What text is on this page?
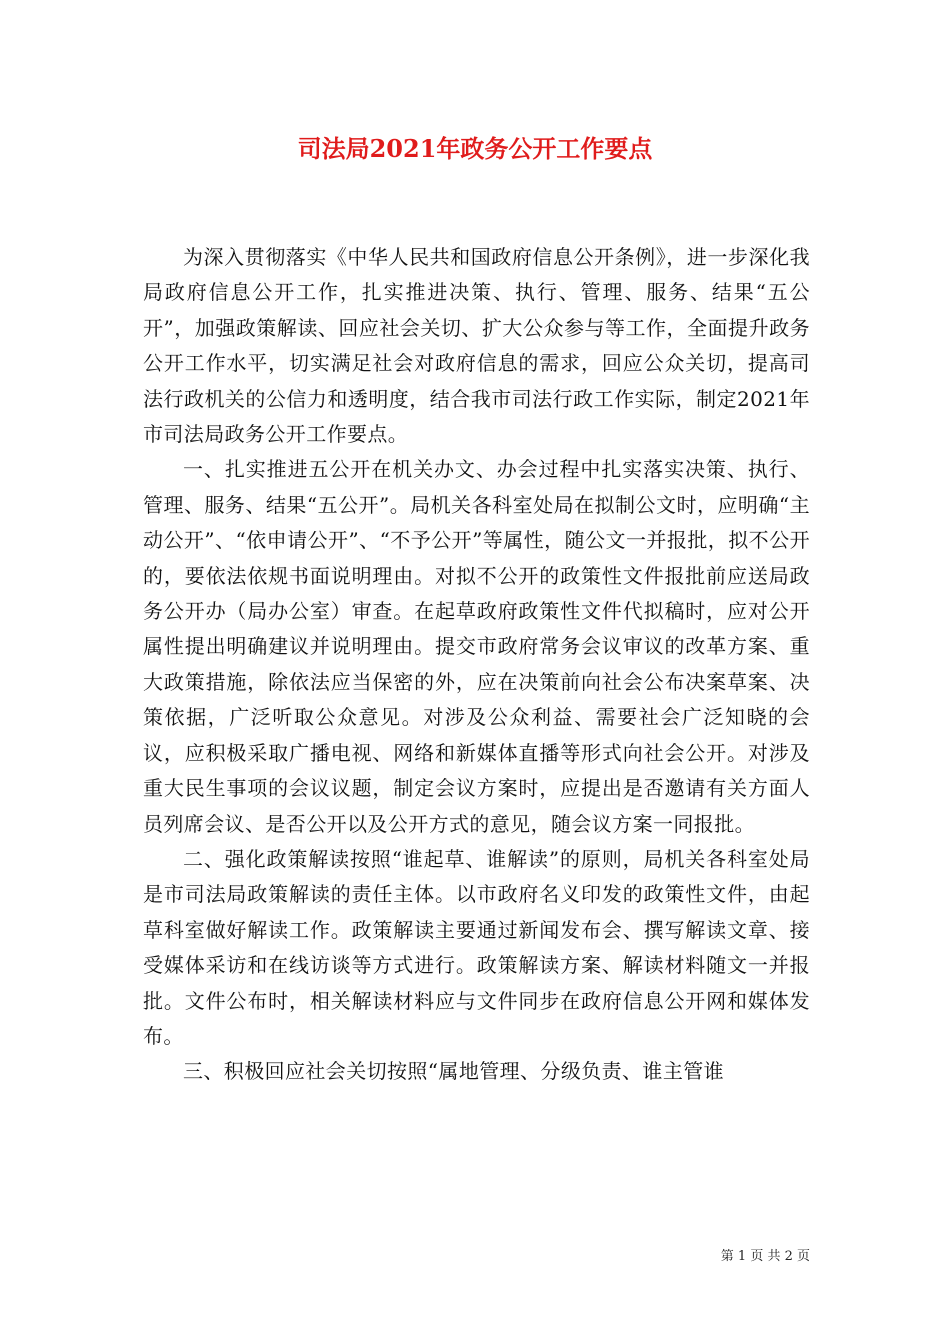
司法局2021年政务公开工作要点

为深入贯彻落实《中华人民共和国政府信息公开条例》，进一步深化我局政府信息公开工作，扎实推进决策、执行、管理、服务、结果“五公开”，加强政策解读、回应社会关切、扩大公众参与等工作，全面提升政务公开工作水平，切实满足社会对政府信息的需求，回应公众关切，提高司法行政机关的公信力和透明度，结合我市司法行政工作实际，制定2021年市司法局政务公开工作要点。

一、扎实推进五公开在机关办文、办会过程中扎实落实决策、执行、管理、服务、结果“五公开”。局机关各科室处局在拟制公文时，应明确“主动公开”、“依申请公开”、“不予公开”等属性，随公文一并报批，拟不公开的，要依法依规书面说明理由。对拟不公开的政策性文件报批前应送局政务公开办（局办公室）审查。在起草政府政策性文件代拟稿时，应对公开属性提出明确建议并说明理由。提交市政府常务会议审议的改革方案、重大政策措施，除依法应当保密的外，应在决策前向社会公布决案草案、决策依据，广泛听取公众意见。对涉及公众利益、需要社会广泛知晓的会议，应积极采取广播电视、网络和新媒体直播等形式向社会公开。对涉及重大民生事项的会议议题，制定会议方案时，应提出是否邀请有关方面人员列席会议、是否公开以及公开方式的意见，随会议方案一同报批。

二、强化政策解读按照“谁起草、谁解读”的原则，局机关各科室处局是市司法局政策解读的责任主体。以市政府名义印发的政策性文件，由起草科室做好解读工作。政策解读主要通过新闻发布会、撰写解读文章、接受媒体采访和在线访谈等方式进行。政策解读方案、解读材料随文一并报批。文件公布时，相关解读材料应与文件同步在政府信息公开网和媒体发布。

三、积极回应社会关切按照“属地管理、分级负责、谁主管谁

第 1 页 共 2 页
